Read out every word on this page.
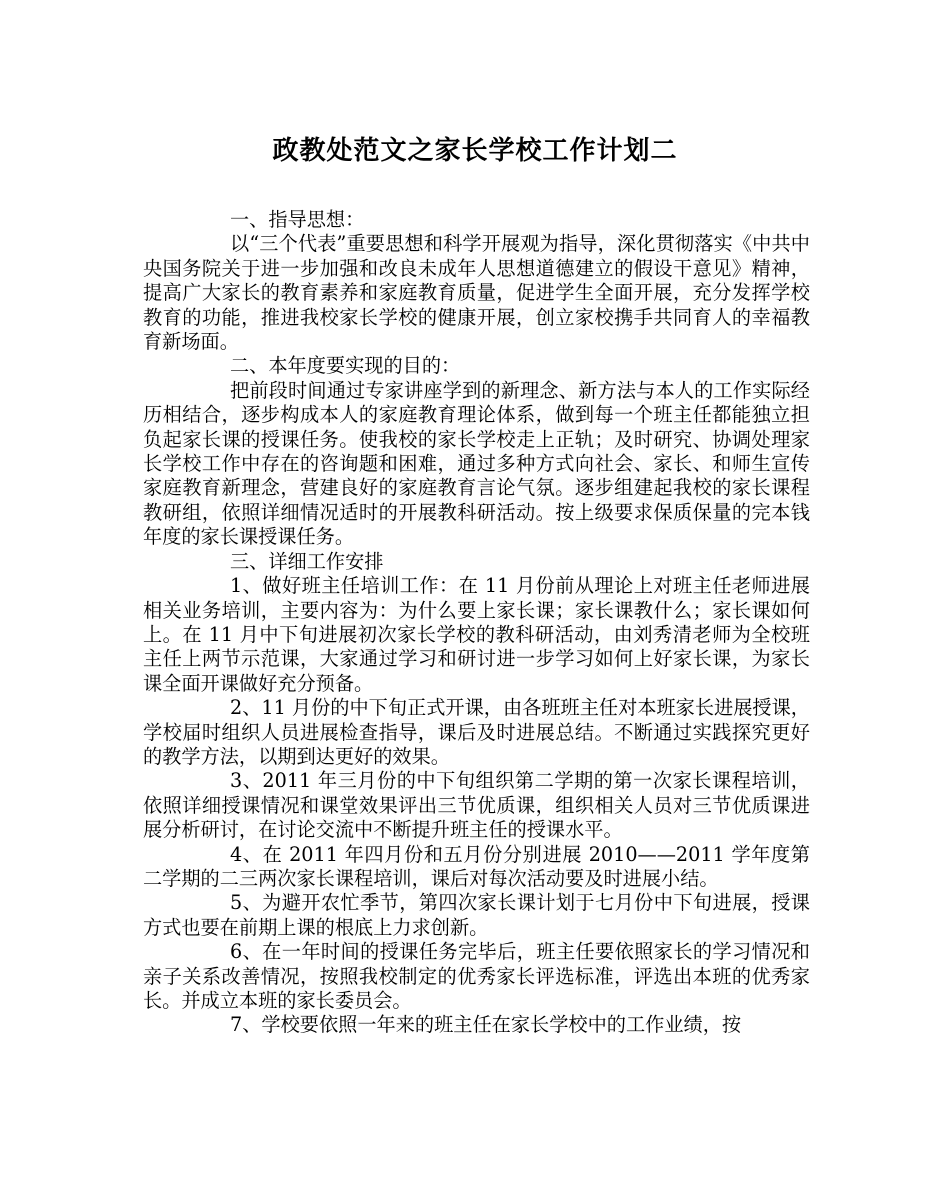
政教处范文之家长学校工作计划二

一、指导思想：

以“三个代表”重要思想和科学开展观为指导，深化贯彻落实《中共中央国务院关于进一步加强和改良未成年人思想道德建立的假设干意见》精神，提高广大家长的教育素养和家庭教育质量，促进学生全面开展，充分发挥学校教育的功能，推进我校家长学校的健康开展，创立家校携手共同育人的幸福教育新场面。

二、本年度要实现的目的：

把前段时间通过专家讲座学到的新理念、新方法与本人的工作实际经历相结合，逐步构成本人的家庭教育理论体系，做到每一个班主任都能独立担负起家长课的授课任务。使我校的家长学校走上正轨；及时研究、协调处理家长学校工作中存在的咨询题和困难，通过多种方式向社会、家长、和师生宣传家庭教育新理念，营建良好的家庭教育言论气氛。逐步组建起我校的家长课程教研组，依照详细情况适时的开展教科研活动。按上级要求保质保量的完本钱年度的家长课授课任务。

三、详细工作安排

1、做好班主任培训工作：在 11 月份前从理论上对班主任老师进展相关业务培训，主要内容为：为什么要上家长课；家长课教什么；家长课如何上。在 11 月中下旬进展初次家长学校的教科研活动，由刘秀清老师为全校班主任上两节示范课，大家通过学习和研讨进一步学习如何上好家长课，为家长课全面开课做好充分预备。

2、11 月份的中下旬正式开课，由各班班主任对本班家长进展授课，学校届时组织人员进展检查指导，课后及时进展总结。不断通过实践探究更好的教学方法，以期到达更好的效果。

3、2011 年三月份的中下旬组织第二学期的第一次家长课程培训，依照详细授课情况和课堂效果评出三节优质课，组织相关人员对三节优质课进展分析研讨，在讨论交流中不断提升班主任的授课水平。

4、在 2011 年四月份和五月份分别进展 2010——2011 学年度第二学期的二三两次家长课程培训，课后对每次活动要及时进展小结。

5、为避开农忙季节，第四次家长课计划于七月份中下旬进展，授课方式也要在前期上课的根底上力求创新。

6、在一年时间的授课任务完毕后，班主任要依照家长的学习情况和亲子关系改善情况，按照我校制定的优秀家长评选标准，评选出本班的优秀家长。并成立本班的家长委员会。

7、学校要依照一年来的班主任在家长学校中的工作业绩，按
